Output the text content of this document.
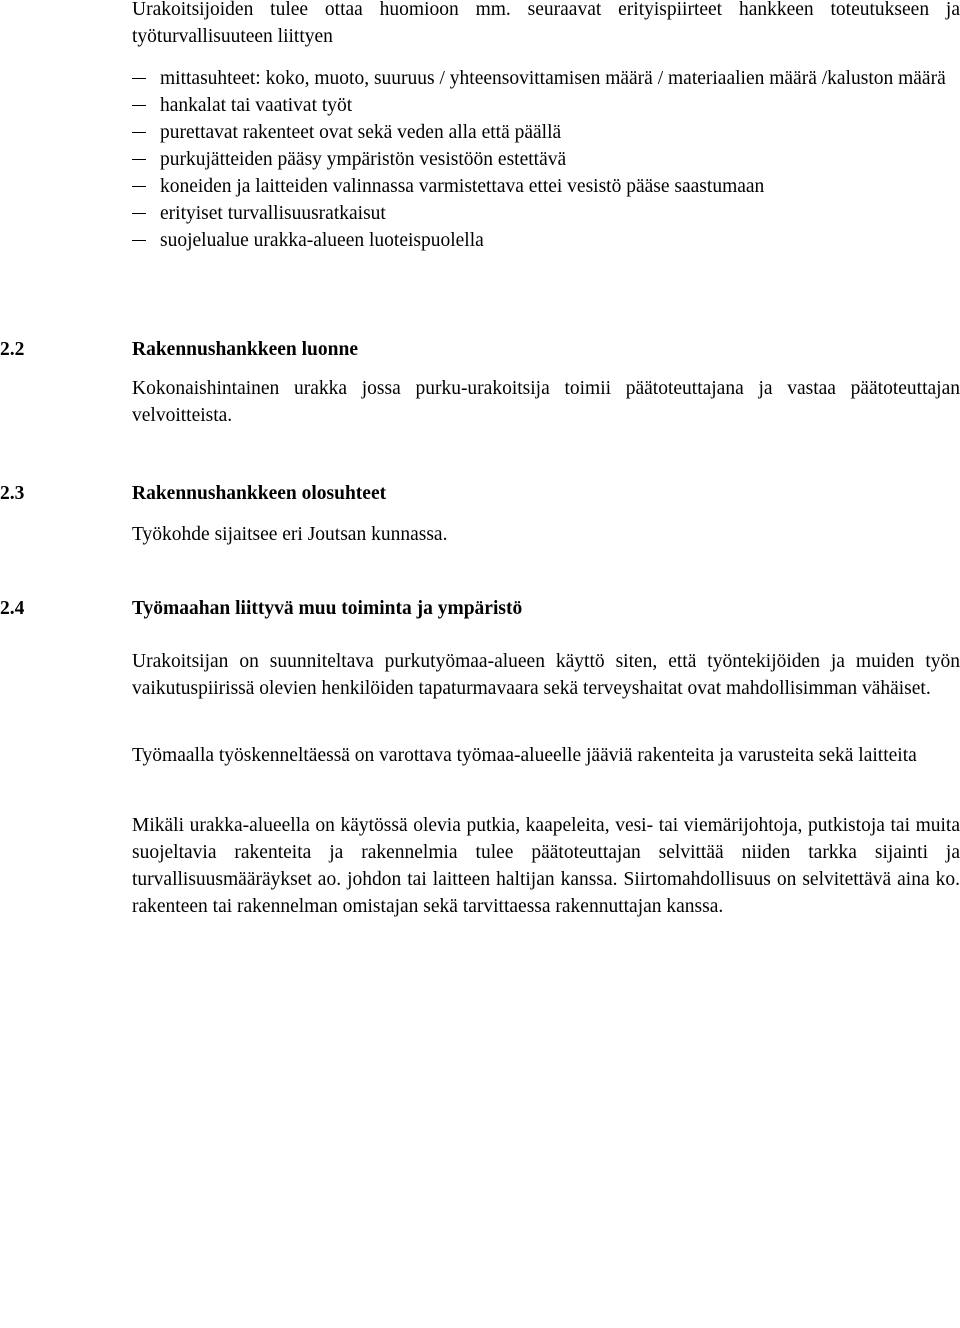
Urakoitsijoiden tulee ottaa huomioon mm. seuraavat erityispiirteet hankkeen toteutukseen ja työturvallisuuteen liittyen

mittasuhteet: koko, muoto, suuruus / yhteensovittamisen määrä / materiaalien määrä /kaluston määrä
hankalat tai vaativat työt
purettavat rakenteet ovat sekä veden alla että päällä
purkujätteiden pääsy ympäristön vesistöön estettävä
koneiden ja laitteiden valinnassa varmistettava ettei vesistö pääse saastumaan
erityiset turvallisuusratkaisut
suojelualue urakka-alueen luoteispuolella
2.2	Rakennushankkeen luonne

Kokonaishintainen urakka jossa purku-urakoitsija toimii päätoteuttajana ja vastaa päätoteuttajan velvoitteista.

2.3	Rakennushankkeen olosuhteet

Työkohde sijaitsee eri Joutsan kunnassa.

2.4	Työmaahan liittyvä muu toiminta ja ympäristö

Urakoitsijan on suunniteltava purkutyömaa-alueen käyttö siten, että työntekijöiden ja muiden työn vaikutuspiirissä olevien henkilöiden tapaturmavaara sekä terveyshaitat ovat mahdollisimman vähäiset.

Työmaalla työskenneltäessä on varottava työmaa-alueelle jääviä rakenteita ja varusteita sekä laitteita

Mikäli urakka-alueella on käytössä olevia putkia, kaapeleita, vesi- tai viemärijohtoja, putkistoja tai muita suojeltavia rakenteita ja rakennelmia tulee päätoteuttajan selvittää niiden tarkka sijainti ja turvallisuusmääräykset ao. johdon tai laitteen haltijan kanssa. Siirtomahdollisuus on selvitettävä aina ko. rakenteen tai rakennelman omistajan sekä tarvittaessa rakennuttajan kanssa.
